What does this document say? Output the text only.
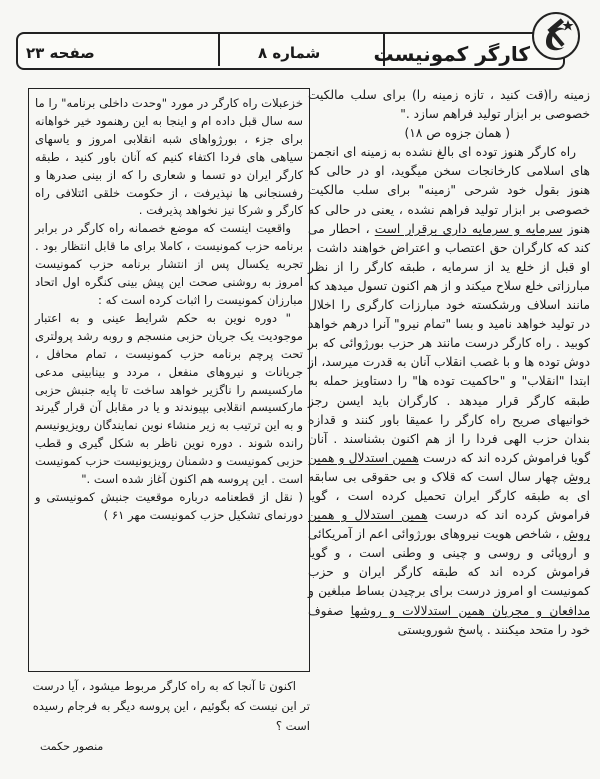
کارگر کمونیست
شماره ۸
صفحه ۲۳

زمینه را(قت کنید ، تازه زمینه را) برای سلب مالکیت خصوصی بر ابزار تولید فراهم سازد ."

( همان جزوه ص ۱۸)

راه کارگر هنوز توده ای بالغ نشده به زمینه ای انجمن های اسلامی کارخانجات سخن میگوید، او در حالی که هنوز بقول خود شرحی "زمینه" برای سلب مالکیت خصوصی بر ابزار تولید فراهم نشده ، یعنی در حالی که هنوز سرمایه و سرمایه داری برقرار است ، احطار می کند که کارگران حق اعتصاب و اعتراض خواهند داشت ، او قبل از خلع ید از سرمایه ، طبقه کارگر را از نظر مبارزاتی خلع سلاح میکند و از هم اکنون تسول میدهد که مانند اسلاف ورشکسته خود مبارزات کارگری را اخلال در تولید خواهد نامید و بسا "تمام نیرو" آنرا درهم خواهد کوبید . راه کارگر درست مانند هر حزب بورژوائی که بر دوش توده ها و با غصب انقلاب آنان به قدرت میرسد، از ابتدا "انقلاب" و "حاکمیت توده ها" را دستاویز حمله به طبقه کارگر قرار میدهد . کارگران باید ایسن رجز خوانیهای صریح راه کارگر را عمیقا باور کنند و قدازه بندان حزب الهی فردا را از هم اکنون بشناسند . آنان گویا فراموش کرده اند که درست همین استدلال و همین روش چهار سال است که قلاک و بی حقوقی بی سابقه ای به طبقه کارگر ایران تحمیل کرده است ، گویا فراموش کرده اند که درست همین استدلال و همین روش ، شاخص هویت نیروهای بورژوائی اعم از آمریکائی و اروپائی و روسی و چینی و وطنی است ، و گویا فراموش کرده اند که طبقه کارگر ایران و حزب کمونیست او امروز درست برای برچیدن بساط مبلغین و مدافعان و مجریان همین استدلالات و روشها صفوف خود را متحد میکنند . پاسخ شورویستی

خزعبلات راه کارگر در مورد "وحدت داخلی برنامه" را ما سه سال قبل داده ام و اینجا به این رهنمود خیر خواهانه برای جزء ، بورژواهای شبه انقلابی امروز و یاسهای سیاهی های فردا اکتفاء کنیم که آنان باور کنید ، طبقه کارگر ایران دو تسما و شعاری را که از بینی صدرها و رفسنجانی ها نپذیرفت ، از حکومت خلقی ائتلافی راه کارگر و شرکا نیز نخواهد پذیرفت .

واقعیت اینست که موضع خصمانه راه کارگر در برابر برنامه حزب کمونیست ، کاملا برای ما قابل انتظار بود . تجربه یکسال پس از انتشار برنامه حزب کمونیست امروز به روشنی صحت این پیش بینی کنگره اول اتحاد مبارزان کمونیست را اثبات کرده است که :

" دوره نوین به حکم شرایط عینی و به اعتبار موجودیت یک جریان حزبی منسجم و روبه رشد پرولتری تحت پرچم برنامه حزب کمونیست ، تمام محافل ، جریانات و نیروهای منفعل ، مردد و بینابینی مدعی مارکسیسم را ناگزیر خواهد ساخت تا پایه جنبش حزبی مارکسیسم انقلابی بپیوندند و یا در مقابل آن قرار گیرند و به این ترتیب به زیر منشاء نوین نمایندگان رویزیونیسم رانده شوند . دوره نوین ناظر به شکل گیری و قطب حزبی کمونیست و دشمنان رویزیونیست حزب کمونیست است . این پروسه هم اکنون آغاز شده است ."

( نقل از قطعنامه درباره موقعیت جنبش کمونیستی و دورنمای تشکیل حزب کمونیست مهر ۶۱ )

اکنون تا آنجا که به راه کارگر مربوط میشود ، آیا درست تر این نیست که بگوئیم ، این پروسه دیگر به فرجام رسیده است ؟
منصور حکمت
